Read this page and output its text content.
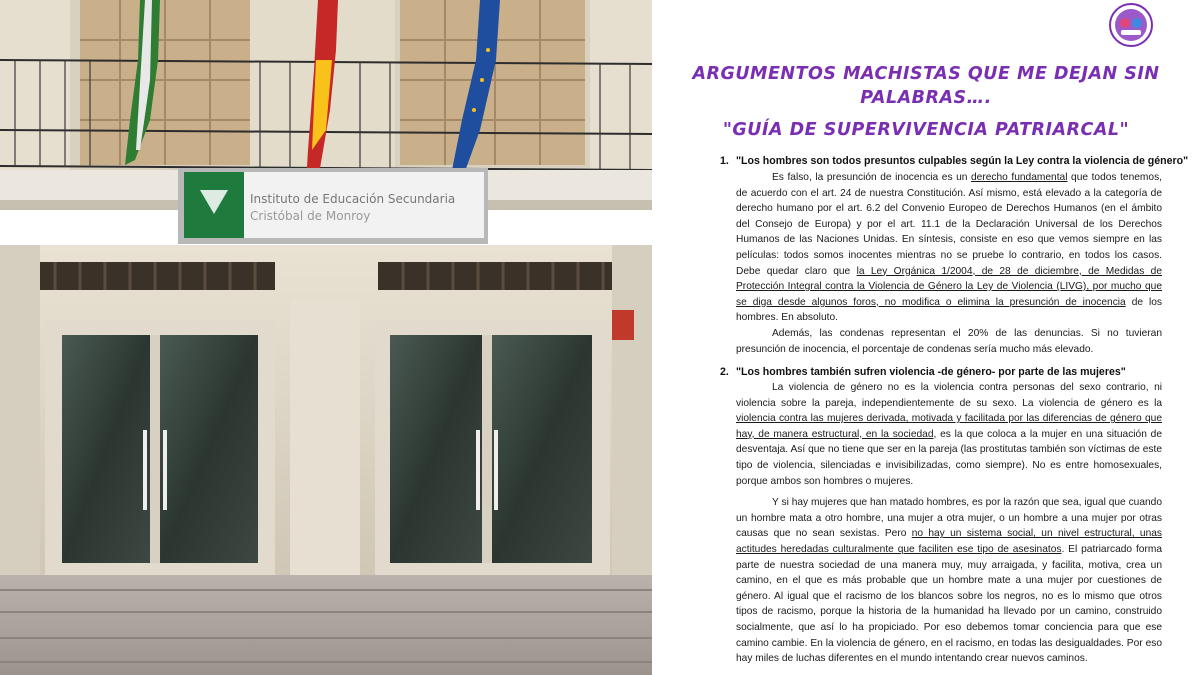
Instituto de Educación Secundaria
Cristóbal de Monroy
ARGUMENTOS MACHISTAS QUE ME DEJAN SIN
PALABRAS….
"GUÍA DE SUPERVIVENCIA PATRIARCAL"
1. "Los hombres son todos presuntos culpables según la Ley contra la violencia de género"

Es falso, la presunción de inocencia es un derecho fundamental que todos tenemos, de acuerdo con el art. 24 de nuestra Constitución. Así mismo, está elevado a la categoría de derecho humano por el art. 6.2 del Convenio Europeo de Derechos Humanos (en el ámbito del Consejo de Europa) y por el art. 11.1 de la Declaración Universal de los Derechos Humanos de las Naciones Unidas. En síntesis, consiste en eso que vemos siempre en las películas: todos somos inocentes mientras no se pruebe lo contrario, en todos los casos. Debe quedar claro que la Ley Orgánica 1/2004, de 28 de diciembre, de Medidas de Protección Integral contra la Violencia de Género la Ley de Violencia (LIVG), por mucho que se diga desde algunos foros, no modifica o elimina la presunción de inocencia de los hombres. En absoluto.

Además, las condenas representan el 20% de las denuncias. Si no tuvieran presunción de inocencia, el porcentaje de condenas sería mucho más elevado.

2. "Los hombres también sufren violencia -de género- por parte de las mujeres"

La violencia de género no es la violencia contra personas del sexo contrario, ni violencia sobre la pareja, independientemente de su sexo. La violencia de género es la violencia contra las mujeres derivada, motivada y facilitada por las diferencias de género que hay, de manera estructural, en la sociedad, es la que coloca a la mujer en una situación de desventaja. Así que no tiene que ser en la pareja (las prostitutas también son víctimas de este tipo de violencia, silenciadas e invisibilizadas, como siempre). No es entre homosexuales, porque ambos son hombres o mujeres.

Y si hay mujeres que han matado hombres, es por la razón que sea, igual que cuando un hombre mata a otro hombre, una mujer a otra mujer, o un hombre a una mujer por otras causas que no sean sexistas. Pero no hay un sistema social, un nivel estructural, unas actitudes heredadas culturalmente que faciliten ese tipo de asesinatos. El patriarcado forma parte de nuestra sociedad de una manera muy, muy arraigada, y facilita, motiva, crea un camino, en el que es más probable que un hombre mate a una mujer por cuestiones de género. Al igual que el racismo de los blancos sobre los negros, no es lo mismo que otros tipos de racismo, porque la historia de la humanidad ha llevado por un camino, construido socialmente, que así lo ha propiciado. Por eso debemos tomar conciencia para que ese camino cambie. En la violencia de género, en el racismo, en todas las desigualdades. Por eso hay miles de luchas diferentes en el mundo intentando crear nuevos caminos.
